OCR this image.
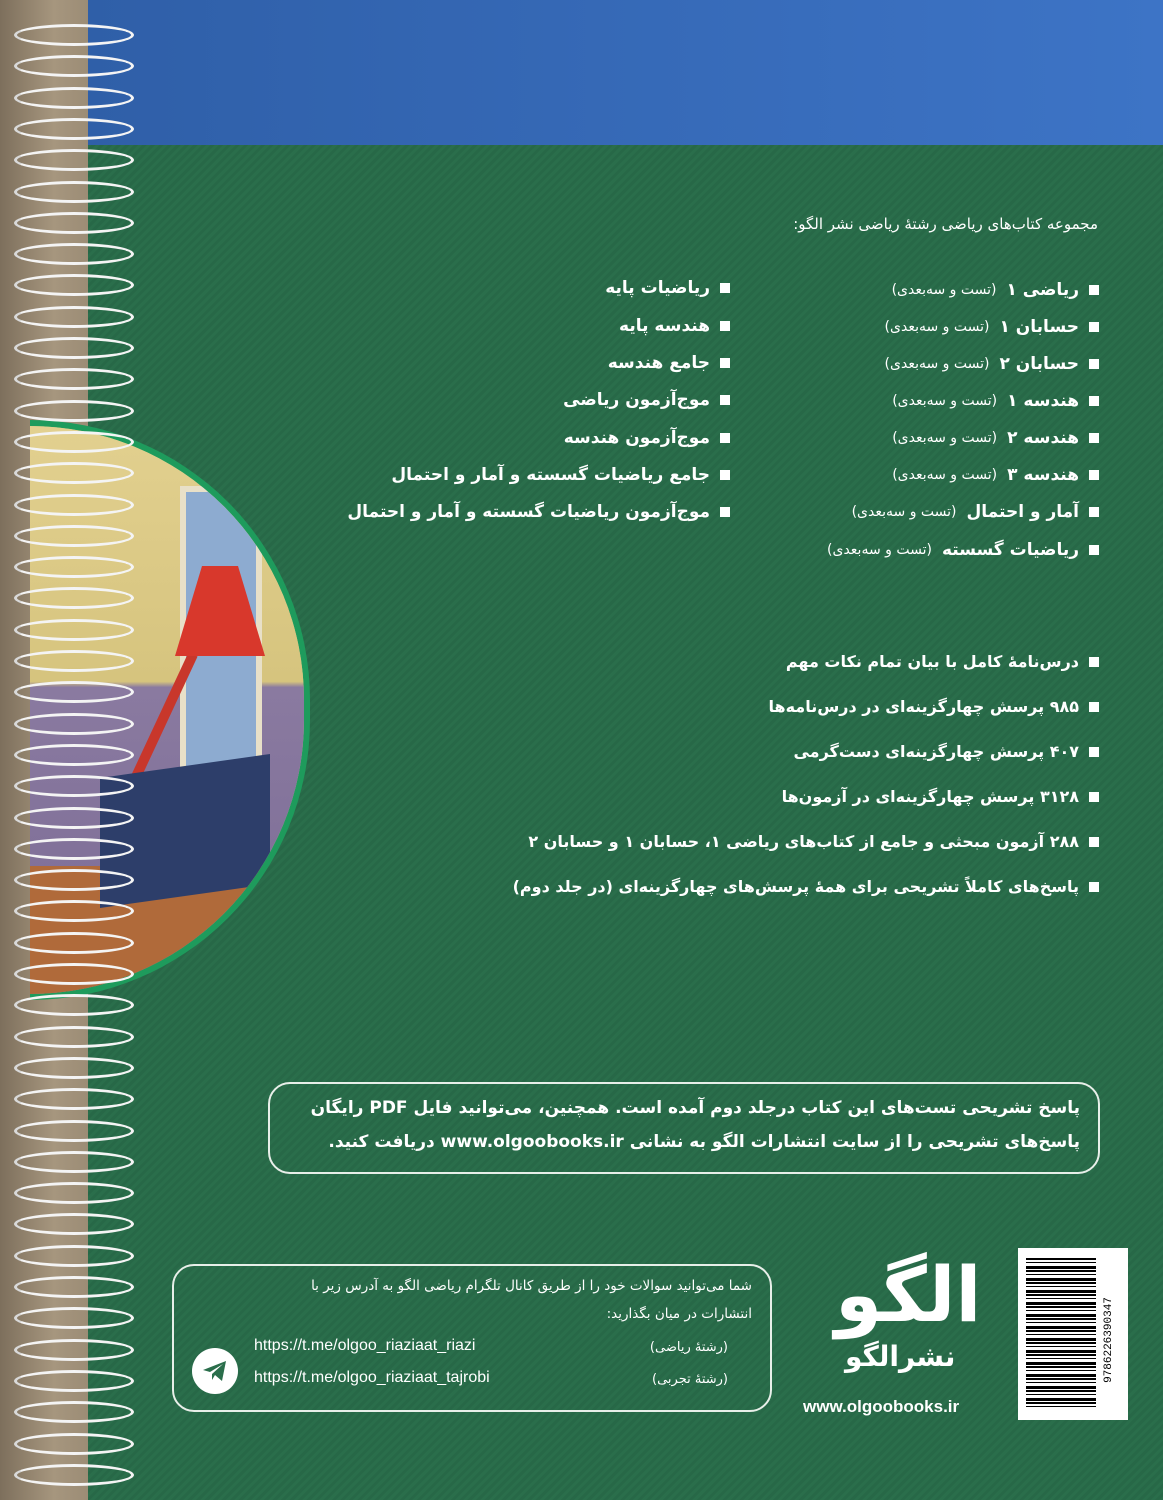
مجموعه کتاب‌های ریاضی رشتهٔ ریاضی نشر الگو:
ریاضی ۱
(تست و سه‌بعدی)
حسابان ۱
(تست و سه‌بعدی)
حسابان ۲
(تست و سه‌بعدی)
هندسه ۱
(تست و سه‌بعدی)
هندسه ۲
(تست و سه‌بعدی)
هندسه ۳
(تست و سه‌بعدی)
آمار و احتمال
(تست و سه‌بعدی)
ریاضیات گسسته
(تست و سه‌بعدی)
ریاضیات پایه
هندسه پایه
جامع هندسه
موج‌آزمون ریاضی
موج‌آزمون هندسه
جامع ریاضیات گسسته و آمار و احتمال
موج‌آزمون ریاضیات گسسته و آمار و احتمال
درس‌نامهٔ کامل با بیان تمام نکات مهم
۹۸۵ پرسش چهارگزینه‌ای در درس‌نامه‌ها
۴۰۷ پرسش چهارگزینه‌ای دست‌گرمی
۳۱۲۸ پرسش چهارگزینه‌ای در آزمون‌ها
۲۸۸ آزمون مبحثی و جامع از کتاب‌های ریاضی ۱، حسابان ۱ و حسابان ۲
پاسخ‌های کاملاً تشریحی برای همهٔ پرسش‌های چهارگزینه‌ای (در جلد دوم)
پاسخ تشریحی تست‌های این کتاب درجلد دوم آمده است. همچنین، می‌توانید فایل PDF رایگان
پاسخ‌های تشریحی را از سایت انتشارات الگو به نشانی www.olgoobooks.ir دریافت کنید.
شما می‌توانید سوالات خود را از طریق کانال تلگرام ریاضی الگو به آدرس زیر با
انتشارات در میان بگذارید:
(رشتهٔ ریاضی)
https://t.me/olgoo_riaziaat_riazi
(رشتهٔ تجربی)
https://t.me/olgoo_riaziaat_tajrobi
الگو
نشرالگو
www.olgoobooks.ir
9786226390347
